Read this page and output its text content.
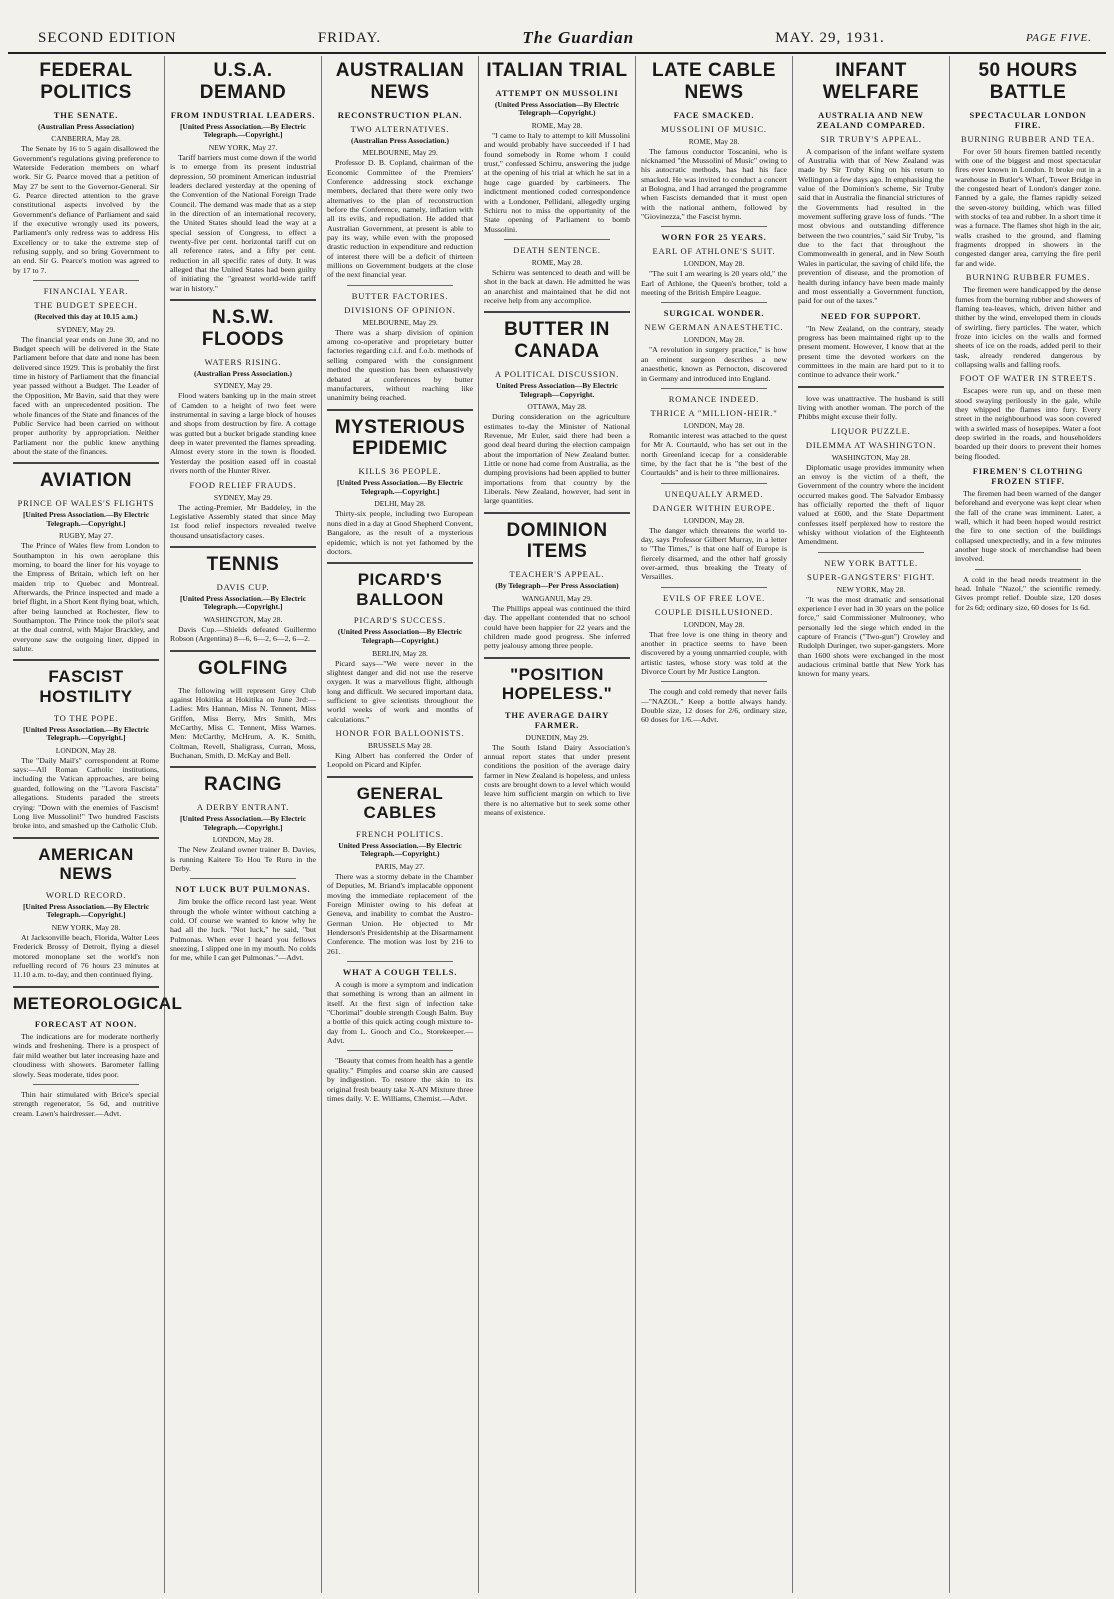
SECOND EDITION	FRIDAY.	The Guardian	MAY. 29, 1931.	PAGE FIVE.
FEDERAL POLITICS
THE SENATE.
(Australian Press Association)
CANBERRA, May 28.
The Senate by 16 to 5 again disallowed the Government's regulations giving preference to Waterside Federation members on wharf work. Sir G. Pearce moved that a petition of May 27 be sent to the Governor-General. Sir G. Pearce directed attention to the grave constitutional aspects involved by the Government's defiance of Parliament and said if the executive wrongly used its powers, Parliament's only redress was to address His Excellency or to take the extreme step of refusing supply, and so bring Government to an end. Sir G. Pearce's motion was agreed to by 17 to 7.
FINANCIAL YEAR.
THE BUDGET SPEECH.
(Received this day at 10.15 a.m.)
SYDNEY, May 29.
The financial year ends on June 30, and no Budget speech will be delivered in the State Parliament before that date and none has been delivered since 1929. This is probably the first time in history of Parliament that the financial year passed without a Budget. The Leader of the Opposition, Mr Bavin, said that they were faced with an unprecedented position. The whole finances of the State and finances of the Public Service had been carried on without proper authority by appropriation. Neither Parliament nor the public knew anything about the state of the finances.
AVIATION
PRINCE OF WALES'S FLIGHTS
[United Press Association.—By Electric Telegraph.—Copyright.]
RUGBY, May 27.
The Prince of Wales flew from London to Southampton in his own aeroplane this morning, to board the liner for his voyage to the Empress of Britain, which left on her maiden trip to Quebec and Montreal. Afterwards, the Prince inspected and made a brief flight, in a Short Kent flying boat, which, after being launched at Rochester, flew to Southampton. The Prince took the pilot's seat at the dual control, with Major Brackley, and everyone saw the outgoing liner, dipped in salute.
FASCIST HOSTILITY
TO THE POPE.
[United Press Association.—By Electric Telegraph.—Copyright.]
LONDON, May 28.
The "Daily Mail's" correspondent at Rome says:—All Roman Catholic institutions, including the Vatican approaches, are being guarded, following on the "Lavora Fascista" allegations. Students paraded the streets crying: "Down with the enemies of Fascism! Long live Mussolini!" Two hundred Fascists broke into, and smashed up the Catholic Club.
AMERICAN NEWS
WORLD RECORD.
[United Press Association.—By Electric Telegraph.—Copyright.]
NEW YORK, May 28.
At Jacksonville beach, Florida, Walter Lees Frederick Brossy of Detroit, flying a diesel motored monoplane set the world's non refuelling record of 76 hours 23 minutes at 11.10 a.m. to-day, and then continued flying.
METEOROLOGICAL
FORECAST AT NOON.
The indications are for moderate northerly winds and freshening. There is a prospect of fair mild weather but later increasing haze and cloudiness with showers. Barometer falling slowly. Seas moderate, tides poor.
Thin hair stimulated with Brice's special strength regenerator, 5s 6d, and nutritive cream. Lawn's hairdresser.—Advt.
U.S.A. DEMAND
FROM INDUSTRIAL LEADERS.
[United Press Association.—By Electric Telegraph.—Copyright.]
NEW YORK, May 27.
Tariff barriers must come down if the world is to emerge from its present industrial depression, 50 prominent American industrial leaders declared yesterday at the opening of the Convention of the National Foreign Trade Council. The demand was made that as a step in the direction of an international recovery, the United States should lead the way at a special session of Congress, to effect a twenty-five per cent. horizontal tariff cut on all reference rates, and a fifty per cent. reduction in all specific rates of duty. It was alleged that the United States had been guilty of initiating the "greatest world-wide tariff war in history."
N.S.W. FLOODS
WATERS RISING.
(Australian Press Association.)
SYDNEY, May 29.
Flood waters banking up in the main street of Camden to a height of two feet were instrumental in saving a large block of houses and shops from destruction by fire. A cottage was gutted but a bucket brigade standing knee deep in water prevented the flames spreading. Almost every store in the town is flooded. Yesterday the position eased off in coastal rivers north of the Hunter River.
FOOD RELIEF FRAUDS.
SYDNEY, May 29.
The acting-Premier, Mr Baddeley, in the Legislative Assembly stated that since May 1st food relief inspectors revealed twelve thousand unsatisfactory cases.
TENNIS
DAVIS CUP.
[United Press Association.—By Electric Telegraph.—Copyright.]
WASHINGTON, May 28.
Davis Cup.—Shields defeated Guillermo Robson (Argentina) 8—6, 6—2, 6—2, 6—2.
GOLFING
The following will represent Grey Club against Hokitika at Hokitika on June 3rd:— Ladies: Mrs Hannan, Miss N. Tennent, Miss Griffen, Miss Berry, Mrs Smith, Mrs McCarthy, Miss C. Tennent, Miss Warnes. Men: McCarthy, McHrum, A. K. Smith, Coltman, Revell, Shaligrass, Curran, Moss, Buchanan, Smith, D. McKay and Bell.
RACING
A DERBY ENTRANT.
[United Press Association.—By Electric Telegraph.—Copyright.]
LONDON, May 28.
The New Zealand owner trainer B. Davies, is running Kaitere To Hou Te Ruru in the Derby.
NOT LUCK BUT PULMONAS.
Jim broke the office record last year. Went through the whole winter without catching a cold. Of course we wanted to know why he had all the luck. "Not luck," he said, "but Pulmonas. When ever I heard you fellows sneezing, I slipped one in my mouth. No colds for me, while I can get Pulmonas."—Advt.
AUSTRALIAN NEWS
RECONSTRUCTION PLAN.
TWO ALTERNATIVES.
(Australian Press Association.)
MELBOURNE, May 29.
Professor D. B. Copland, chairman of the Economic Committee of the Premiers' Conference addressing stock exchange members, declared that there were only two alternatives to the plan of reconstruction before the Conference, namely, inflation with all its evils, and repudiation. He added that Australian Government, at present is able to pay its way, while even with the proposed drastic reduction in expenditure and reduction of interest there will be a deficit of thirteen millions on Government budgets at the close of the next financial year.
BUTTER FACTORIES.
DIVISIONS OF OPINION.
MELBOURNE, May 29.
There was a sharp division of opinion among co-operative and proprietary butter factories regarding c.i.f. and f.o.b. methods of selling compared with the consignment method the question has been exhaustively debated at conferences by butter manufacturers, without reaching like unanimity being reached.
MYSTERIOUS EPIDEMIC
KILLS 36 PEOPLE.
[United Press Association.—By Electric Telegraph.—Copyright.]
DELHI, May 28.
Thirty-six people, including two European nuns died in a day at Good Shepherd Convent, Bangalore, as the result of a mysterious epidemic, which is not yet fathomed by the doctors.
PICARD'S BALLOON
PICARD'S SUCCESS.
(United Press Association—By Electric Telegraph—Copyright.)
BERLIN, May 28.
Picard says—"We were never in the slightest danger and did not use the reserve oxygen. It was a marvellous flight, although long and difficult. We secured important data, sufficient to give scientists throughout the world weeks of work and months of calculations."
HONOR FOR BALLOONISTS.
BRUSSELS May 28.
King Albert has conferred the Order of Leopold on Picard and Kipfer.
GENERAL CABLES
FRENCH POLITICS.
United Press Association.—By Electric Telegraph.—Copyright.)
PARIS, May 27.
There was a stormy debate in the Chamber of Deputies, M. Briand's implacable opponent moving the immediate replacement of the Foreign Minister owing to his defeat at Geneva, and inability to combat the Austro-German Union. He objected to Mr Henderson's Presidentship at the Disarmament Conference. The motion was lost by 216 to 261.
WHAT A COUGH TELLS.
A cough is more a symptom and indication that something is wrong than an ailment in itself. At the first sign of infection take "Chorimal" double strength Cough Balm. Buy a bottle of this quick acting cough mixture to-day from L. Gooch and Co., Storekeeper.—Advt.
"Beauty that comes from health has a gentle quality." Pimples and coarse skin are caused by indigestion. To restore the skin to its original fresh beauty take X-AN Mixture three times daily. V. E. Williams, Chemist.—Advt.
ITALIAN TRIAL
ATTEMPT ON MUSSOLINI
(United Press Association—By Electric Telegraph—Copyright.)
ROME, May 28.
"I came to Italy to attempt to kill Mussolini and would probably have succeeded if I had found somebody in Rome whom I could trust," confessed Schirru, answering the judge at the opening of his trial at which he sat in a huge cage guarded by carbineers. The indictment mentioned coded correspondence with a Londoner, Pellidani, allegedly urging Schirru not to miss the opportunity of the State opening of Parliament to bomb Mussolini.
DEATH SENTENCE.
ROME, May 28.
Schirru was sentenced to death and will be shot in the back at dawn. He admitted he was an anarchist and maintained that he did not receive help from any accomplice.
BUTTER IN CANADA
A POLITICAL DISCUSSION.
United Press Association—By Electric Telegraph—Copyright.
OTTAWA, May 28.
During consideration on the agriculture estimates to-day the Minister of National Revenue, Mr Euler, said there had been a good deal heard during the election campaign about the importation of New Zealand butter. Little or none had come from Australia, as the dumping provisions had been applied to butter importations from that country by the Liberals. New Zealand, however, had sent in large quantities.
DOMINION ITEMS
TEACHER'S APPEAL.
(By Telegraph—Per Press Association)
WANGANUI, May 29.
The Phillips appeal was continued the third day. The appellant contended that no school could have been happier for 22 years and the children made good progress. She inferred petty jealousy among three people.
"POSITION HOPELESS."
THE AVERAGE DAIRY FARMER.
DUNEDIN, May 29.
The South Island Dairy Association's annual report states that under present conditions the position of the average dairy farmer in New Zealand is hopeless, and unless costs are brought down to a level which would leave him sufficient margin on which to live there is no alternative but to seek some other means of existence.
LATE CABLE NEWS
FACE SMACKED.
MUSSOLINI OF MUSIC.
ROME, May 28.
The famous conductor Toscanini, who is nicknamed "the Mussolini of Music" owing to his autocratic methods, has had his face smacked. He was invited to conduct a concert at Bologna, and I had arranged the programme when Fascists demanded that it must open with the national anthem, followed by "Giovinezza," the Fascist hymn.
WORN FOR 25 YEARS.
EARL OF ATHLONE'S SUIT.
LONDON, May 28.
"The suit I am wearing is 20 years old," the Earl of Athlone, the Queen's brother, told a meeting of the British Empire League.
SURGICAL WONDER.
NEW GERMAN ANAESTHETIC.
LONDON, May 28.
"A revolution in surgery practice," is how an eminent surgeon describes a new anaesthetic, known as Pernocton, discovered in Germany and introduced into England.
ROMANCE INDEED.
THRICE A "MILLION-HEIR."
LONDON, May 28.
Romantic interest was attached to the quest for Mr A. Courtauld, who has set out in the north Greenland icecap for a considerable time, by the fact that he is "the best of the Courtaulds" and is heir to three millionaires.
UNEQUALLY ARMED.
DANGER WITHIN EUROPE.
LONDON, May 28.
The danger which threatens the world to-day, says Professor Gilbert Murray, in a letter to "The Times," is that one half of Europe is fiercely disarmed, and the other half grossly over-armed, thus breaking the Treaty of Versailles.
EVILS OF FREE LOVE.
COUPLE DISILLUSIONED.
LONDON, May 28.
That free love is one thing in theory and another in practice seems to have been discovered by a young unmarried couple, with artistic tastes, whose story was told at the Divorce Court by Mr Justice Langton.
The cough and cold remedy that never fails—"NAZOL." Keep a bottle always handy. Double size, 12 doses for 2/6, ordinary size, 60 doses for 1/6.—Advt.
INFANT WELFARE
AUSTRALIA AND NEW ZEALAND COMPARED.
SIR TRUBY'S APPEAL.
A comparison of the infant welfare system of Australia with that of New Zealand was made by Sir Truby King on his return to Wellington a few days ago. In emphasising the value of the Dominion's scheme, Sir Truby said that in Australia the financial strictures of the Governments had resulted in the movement suffering grave loss of funds. "The most obvious and outstanding difference between the two countries," said Sir Truby, "is due to the fact that throughout the Commonwealth in general, and in New South Wales in particular, the saving of child life, the prevention of disease, and the promotion of health during infancy have been made mainly and most essentially a Government function, paid for out of the taxes."
NEED FOR SUPPORT.
"In New Zealand, on the contrary, steady progress has been maintained right up to the present moment. However, I know that at the present time the devoted workers on the committees in the main are hard put to it to continue to advance their work."
love was unattractive. The husband is still living with another woman. The porch of the Phibbs might excuse their folly.
LIQUOR PUZZLE.
DILEMMA AT WASHINGTON.
WASHINGTON, May 28.
Diplomatic usage provides immunity when an envoy is the victim of a theft, the Government of the country where the incident occurred makes good. The Salvador Embassy has officially reported the theft of liquor valued at £600, and the State Department confesses itself perplexed how to restore the whisky without violation of the Eighteenth Amendment.
NEW YORK BATTLE.
SUPER-GANGSTERS' FIGHT.
NEW YORK, May 28.
"It was the most dramatic and sensational experience I ever had in 30 years on the police force," said Commissioner Mulrooney, who personally led the siege which ended in the capture of Francis ("Two-gun") Crowley and Rudolph Duringer, two super-gangsters. More than 1600 shots were exchanged in the most audacious criminal battle that New York has known for many years.
50 HOURS BATTLE
SPECTACULAR LONDON FIRE.
BURNING RUBBER AND TEA.
For over 50 hours firemen battled recently with one of the biggest and most spectacular fires ever known in London. It broke out in a warehouse in Butler's Wharf, Tower Bridge in the congested heart of London's danger zone. Fanned by a gale, the flames rapidly seized the seven-storey building, which was filled with stocks of tea and rubber. In a short time it was a furnace. The flames shot high in the air, walls crashed to the ground, and flaming fragments dropped in showers in the congested danger area, carrying the fire peril far and wide.
BURNING RUBBER FUMES.
The firemen were handicapped by the dense fumes from the burning rubber and showers of flaming tea-leaves, which, driven hither and thither by the wind, enveloped them in clouds of swirling, fiery particles. The water, which froze into icicles on the walls and formed sheets of ice on the roads, added peril to their task, already rendered dangerous by collapsing walls and falling roofs.
FOOT OF WATER IN STREETS.
Escapes were run up, and on these men stood swaying perilously in the gale, while they whipped the flames into fury. Every street in the neighbourhood was soon covered with a swirled mass of hosepipes. Water a foot deep swirled in the roads, and householders boarded up their doors to prevent their homes being flooded.
FIREMEN'S CLOTHING FROZEN STIFF.
The firemen had been warned of the danger beforehand and everyone was kept clear when the fall of the crane was imminent. Later, a wall, which it had been hoped would restrict the fire to one section of the buildings collapsed unexpectedly, and in a few minutes another huge stock of merchandise had been involved.
A cold in the head needs treatment in the head. Inhale "Nazol," the scientific remedy. Gives prompt relief. Double size, 120 doses for 2s 6d; ordinary size, 60 doses for 1s 6d.
